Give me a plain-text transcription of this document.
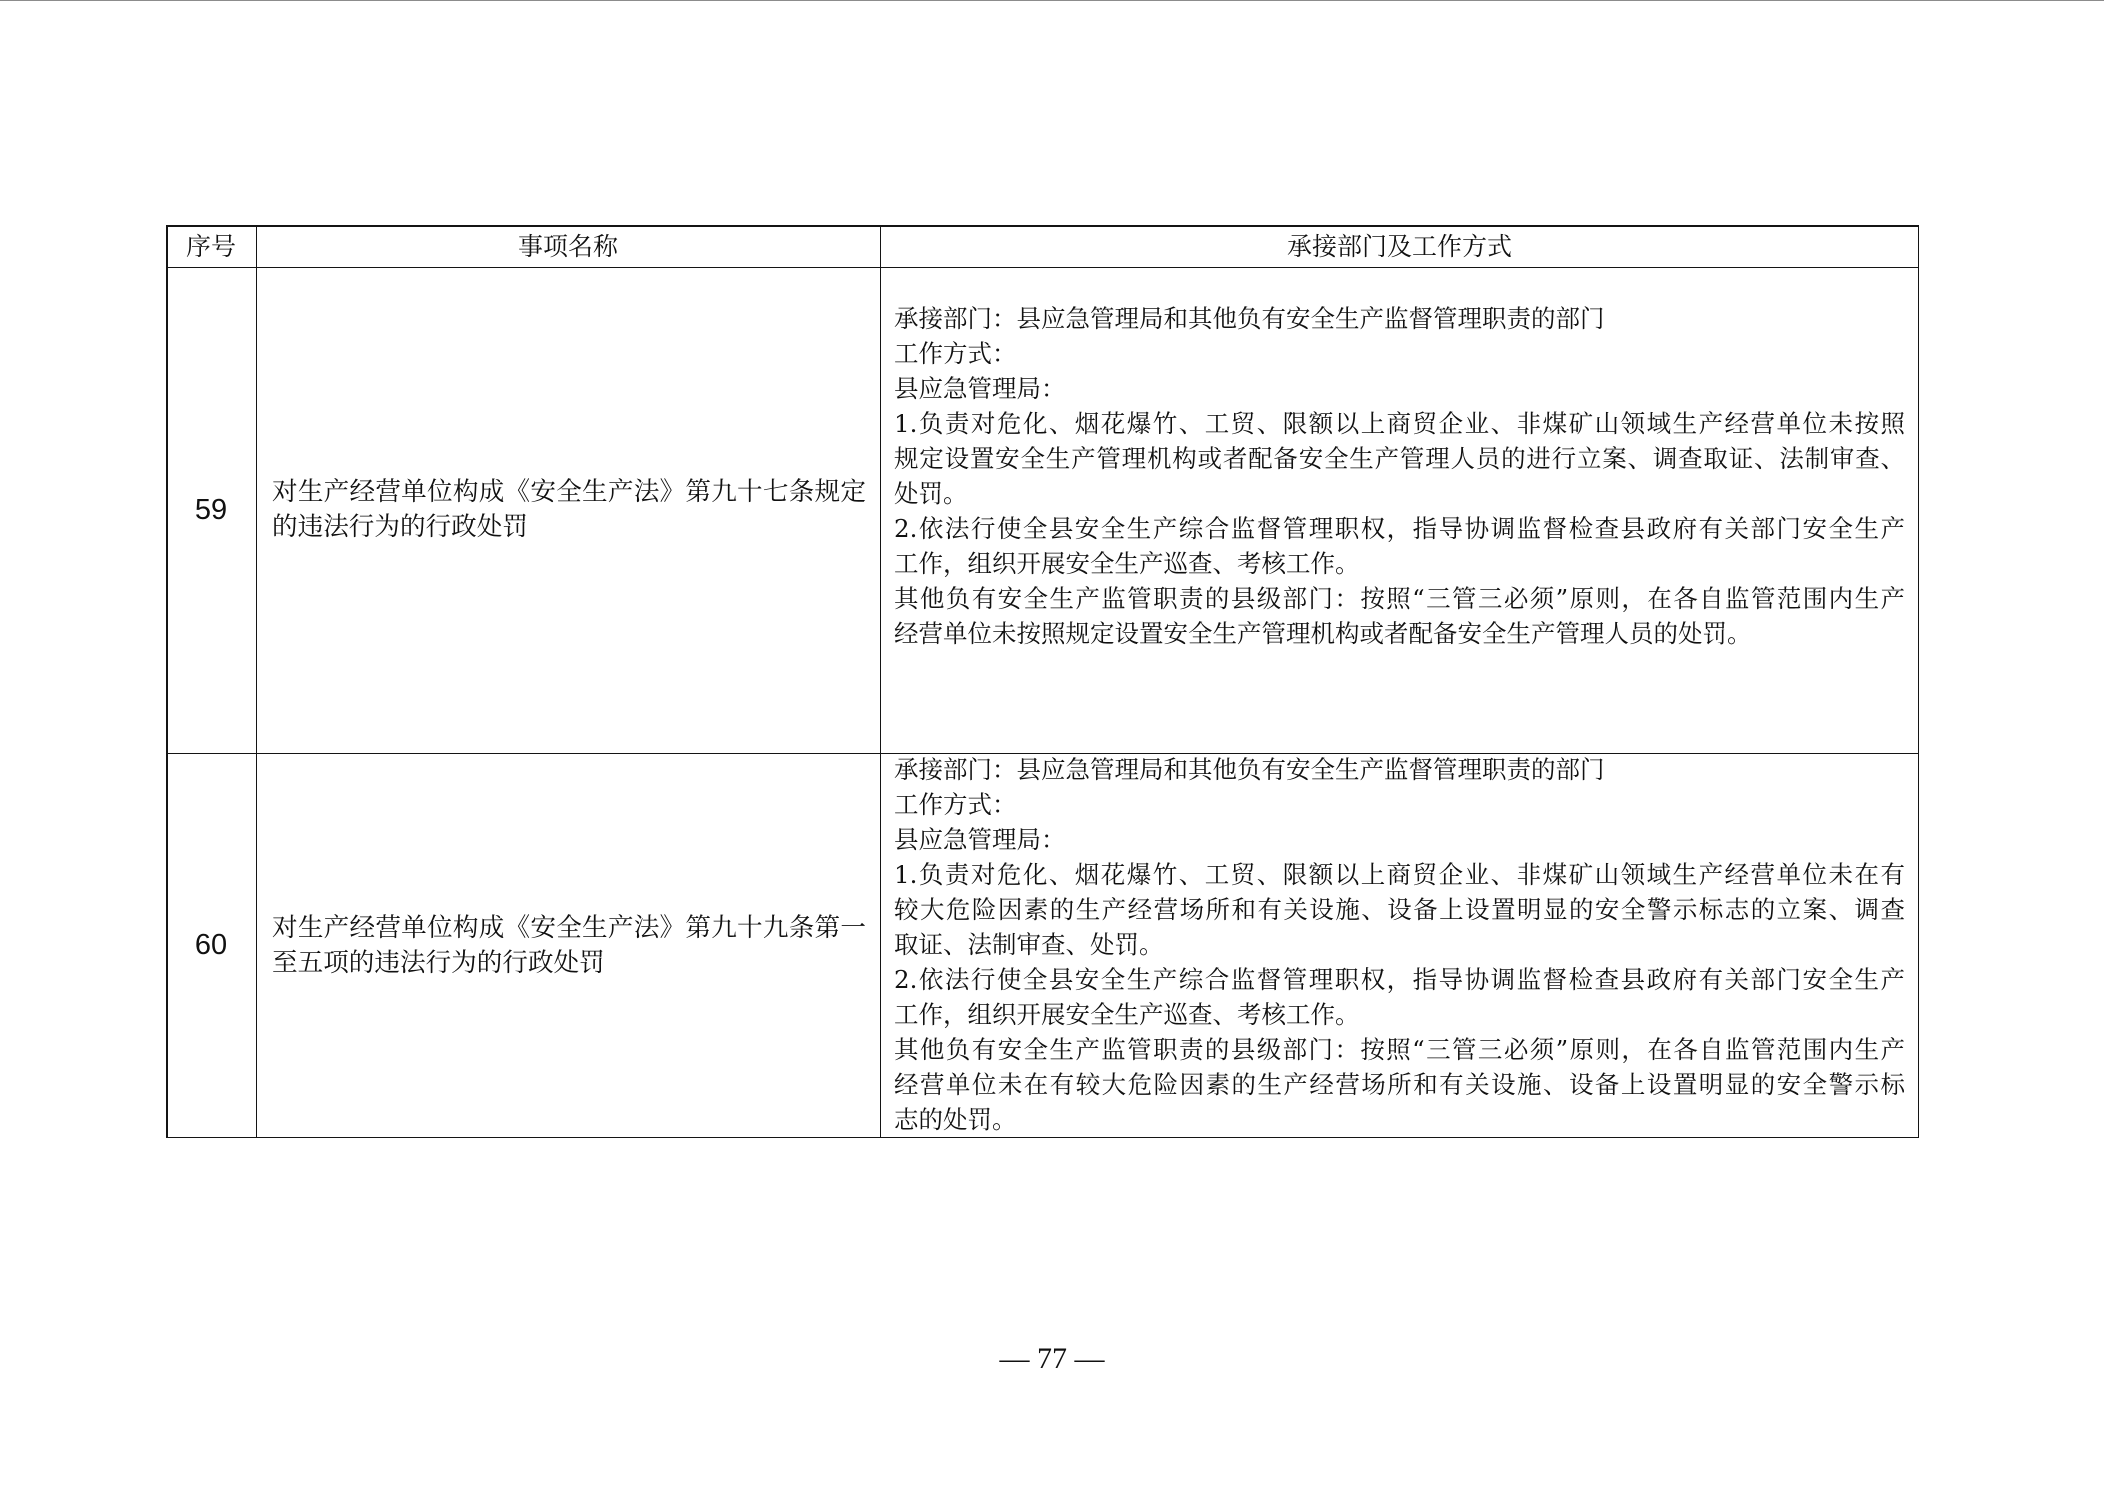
序号	事项名称	承接部门及工作方式
59
对生产经营单位构成《安全生产法》第九十七条规定
的违法行为的行政处罚
承接部门：县应急管理局和其他负有安全生产监督管理职责的部门
工作方式：
县应急管理局：
1.负责对危化、烟花爆竹、工贸、限额以上商贸企业、非煤矿山领域生产经营单位未按照
规定设置安全生产管理机构或者配备安全生产管理人员的进行立案、调查取证、法制审查、
处罚。
2.依法行使全县安全生产综合监督管理职权，指导协调监督检查县政府有关部门安全生产
工作，组织开展安全生产巡查、考核工作。
其他负有安全生产监管职责的县级部门：按照“三管三必须”原则，在各自监管范围内生产
经营单位未按照规定设置安全生产管理机构或者配备安全生产管理人员的处罚。
60
对生产经营单位构成《安全生产法》第九十九条第一
至五项的违法行为的行政处罚
承接部门：县应急管理局和其他负有安全生产监督管理职责的部门
工作方式：
县应急管理局：
1.负责对危化、烟花爆竹、工贸、限额以上商贸企业、非煤矿山领域生产经营单位未在有
较大危险因素的生产经营场所和有关设施、设备上设置明显的安全警示标志的立案、调查
取证、法制审查、处罚。
2.依法行使全县安全生产综合监督管理职权，指导协调监督检查县政府有关部门安全生产
工作，组织开展安全生产巡查、考核工作。
其他负有安全生产监管职责的县级部门：按照“三管三必须”原则，在各自监管范围内生产
经营单位未在有较大危险因素的生产经营场所和有关设施、设备上设置明显的安全警示标
志的处罚。
— 77 —
